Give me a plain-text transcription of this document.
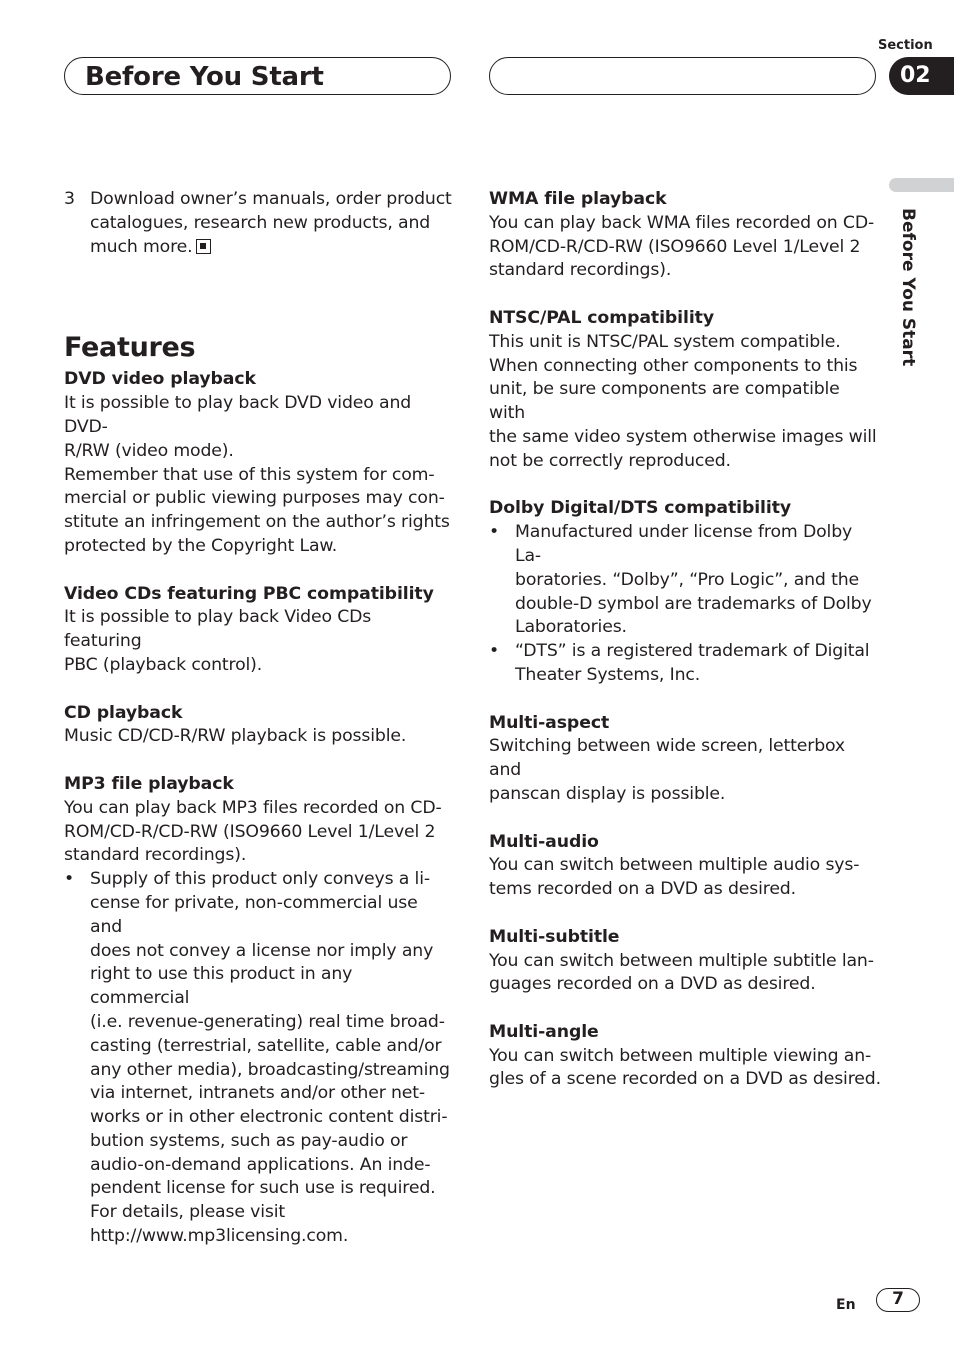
Before You Start
Section
02
Before You Start
3 Download owner’s manuals, order product

catalogues, research new products, and

much more.

Features
DVD video playback

It is possible to play back DVD video and DVD-

R/RW (video mode).

Remember that use of this system for com-

mercial or public viewing purposes may con-

stitute an infringement on the author’s rights

protected by the Copyright Law.

Video CDs featuring PBC compatibility

It is possible to play back Video CDs featuring

PBC (playback control).

CD playback

Music CD/CD-R/RW playback is possible.

MP3 file playback

You can play back MP3 files recorded on CD-

ROM/CD-R/CD-RW (ISO9660 Level 1/Level 2

standard recordings).

• Supply of this product only conveys a li-

cense for private, non-commercial use and

does not convey a license nor imply any

right to use this product in any commercial

(i.e. revenue-generating) real time broad-

casting (terrestrial, satellite, cable and/or

any other media), broadcasting/streaming

via internet, intranets and/or other net-

works or in other electronic content distri-

bution systems, such as pay-audio or

audio-on-demand applications. An inde-

pendent license for such use is required.

For details, please visit

http://www.mp3licensing.com.

WMA file playback

You can play back WMA files recorded on CD-

ROM/CD-R/CD-RW (ISO9660 Level 1/Level 2

standard recordings).

NTSC/PAL compatibility

This unit is NTSC/PAL system compatible.

When connecting other components to this

unit, be sure components are compatible with

the same video system otherwise images will

not be correctly reproduced.

Dolby Digital/DTS compatibility
• Manufactured under license from Dolby La-

boratories. “Dolby”, “Pro Logic”, and the

double-D symbol are trademarks of Dolby

Laboratories.

• “DTS” is a registered trademark of Digital

Theater Systems, Inc.

Multi-aspect

Switching between wide screen, letterbox and

panscan display is possible.

Multi-audio

You can switch between multiple audio sys-

tems recorded on a DVD as desired.

Multi-subtitle

You can switch between multiple subtitle lan-

guages recorded on a DVD as desired.

Multi-angle

You can switch between multiple viewing an-

gles of a scene recorded on a DVD as desired.

En	7
